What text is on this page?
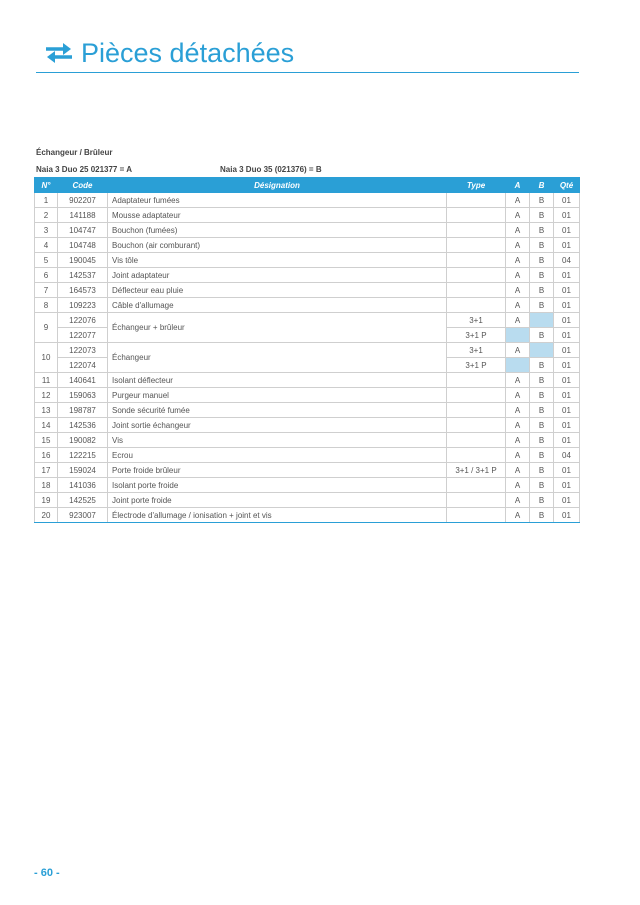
Pièces détachées
Échangeur / Brûleur
Naia 3 Duo 25 021377 = A	Naia 3 Duo 35 (021376) = B
N°	Code	Désignation	Type	A	B	Qté
1	902207	Adaptateur fumées		A	B	01
2	141188	Mousse adaptateur		A	B	01
3	104747	Bouchon (fumées)		A	B	01
4	104748	Bouchon (air comburant)		A	B	01
5	190045	Vis tôle		A	B	04
6	142537	Joint adaptateur		A	B	01
7	164573	Déflecteur eau pluie		A	B	01
8	109223	Câble d'allumage		A	B	01
9	122076	Échangeur + brûleur	3+1	A		01
	122077		3+1 P		B	01
10	122073	Échangeur	3+1	A		01
	122074		3+1 P		B	01
11	140641	Isolant déflecteur		A	B	01
12	159063	Purgeur manuel		A	B	01
13	198787	Sonde sécurité fumée		A	B	01
14	142536	Joint sortie échangeur		A	B	01
15	190082	Vis		A	B	01
16	122215	Ecrou		A	B	04
17	159024	Porte froide brûleur	3+1 / 3+1 P	A	B	01
18	141036	Isolant porte froide		A	B	01
19	142525	Joint porte froide		A	B	01
20	923007	Électrode d'allumage / ionisation + joint et vis		A	B	01
- 60 -
